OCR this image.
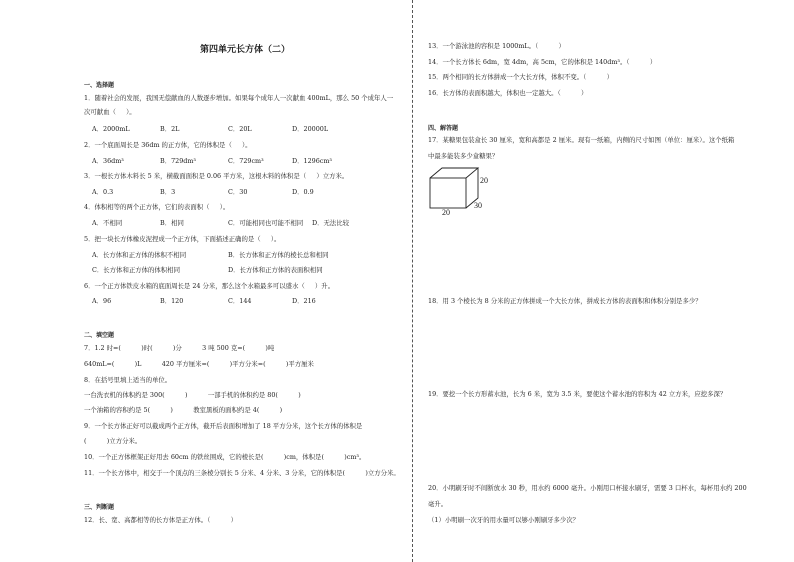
第四单元长方体（二）
一、选择题
1．随着社会的发展，我国无偿献血的人数逐步增加。如果每个成年人一次献血 400mL，那么 50 个成年人一
次可献血（     ）。
A．2000mL	B．2L	C．20L	D．20000L
2．一个底面周长是 36dm 的正方体，它的体积是（     ）。
A．36dm³	B．729dm³	C．729cm³	D．1296cm³
3．一根长方体木料长 5 米，横截面面积是 0.06 平方米，这根木料的体积是（     ）立方米。
A．0.3	B．3	C．30	D．0.9
4．体积相等的两个正方体，它们的表面积（     ）。
A．不相同	B．相同	C．可能相同也可能不相同 D．无法比较
5．把一块长方体橡皮泥捏成一个正方体，下面描述正确的是（     ）。
A．长方体和正方体的体积不相同	B．长方体和正方体的棱长总和相同
C．长方体和正方体的体积相同	D．长方体和正方体的表面积相同
6．一个正方体铁皮水箱的底面周长是 24 分米，那么这个水箱最多可以盛水（     ）升。
A．96	B．120	C．144	D．216
二、填空题
7．1.2 时=(          )时(          )分          3 吨 500 克=(          )吨
640mL=(          )L          420 平方厘米=(          )平方分米=(          )平方厘米
8．在括号里填上适当的单位。
一台洗衣机的体积约是 300(          )          一部手机的体积约是 80(          )
一个油箱的容积约是 5(          )          教室黑板的面积约是 4(          )
9．一个长方体正好可以截成两个正方体，截开后表面积增加了 18 平方分米，这个长方体的体积是
(          )立方分米。
10．一个正方体框架正好用去 60cm 的铁丝围成，它的棱长是(          )cm，体积是(          )cm³。
11．一个长方体中，相交于一个顶点的三条棱分别长 5 分米、4 分米、3 分米，它的体积是(          )立方分米。
三、判断题
12．长、宽、高都相等的长方体是正方体。（          ）
13．一个游泳池的容积是 1000mL。（          ）
14．一个长方体长 6dm，宽 4dm，高 5cm，它的体积是 140dm³。（          ）
15．两个相同的长方体拼成一个大长方体，体积不变。（          ）
16．长方体的表面积越大，体积也一定越大。（          ）
四、解答题
17．某糖果包装盒长 30 厘米，宽和高都是 2 厘米。现有一纸箱，内侧的尺寸如图（单位：厘米）。这个纸箱
中最多能装多少盒糖果？
18．用 3 个棱长为 8 分米的正方体拼成一个大长方体，拼成长方体的表面积和体积分别是多少？
19．要挖一个长方形蓄水池，长为 6 米，宽为 3.5 米，要使这个蓄水池的容积为 42 立方米，应挖多深？
20．小明刷牙时不间断放水 30 秒，用水约 6000 毫升。小刚用口杯接水刷牙，需要 3 口杯水，每杯用水约 200
毫升。
（1）小明刷一次牙的用水量可以够小刚刷牙多少次？
20
30
20
